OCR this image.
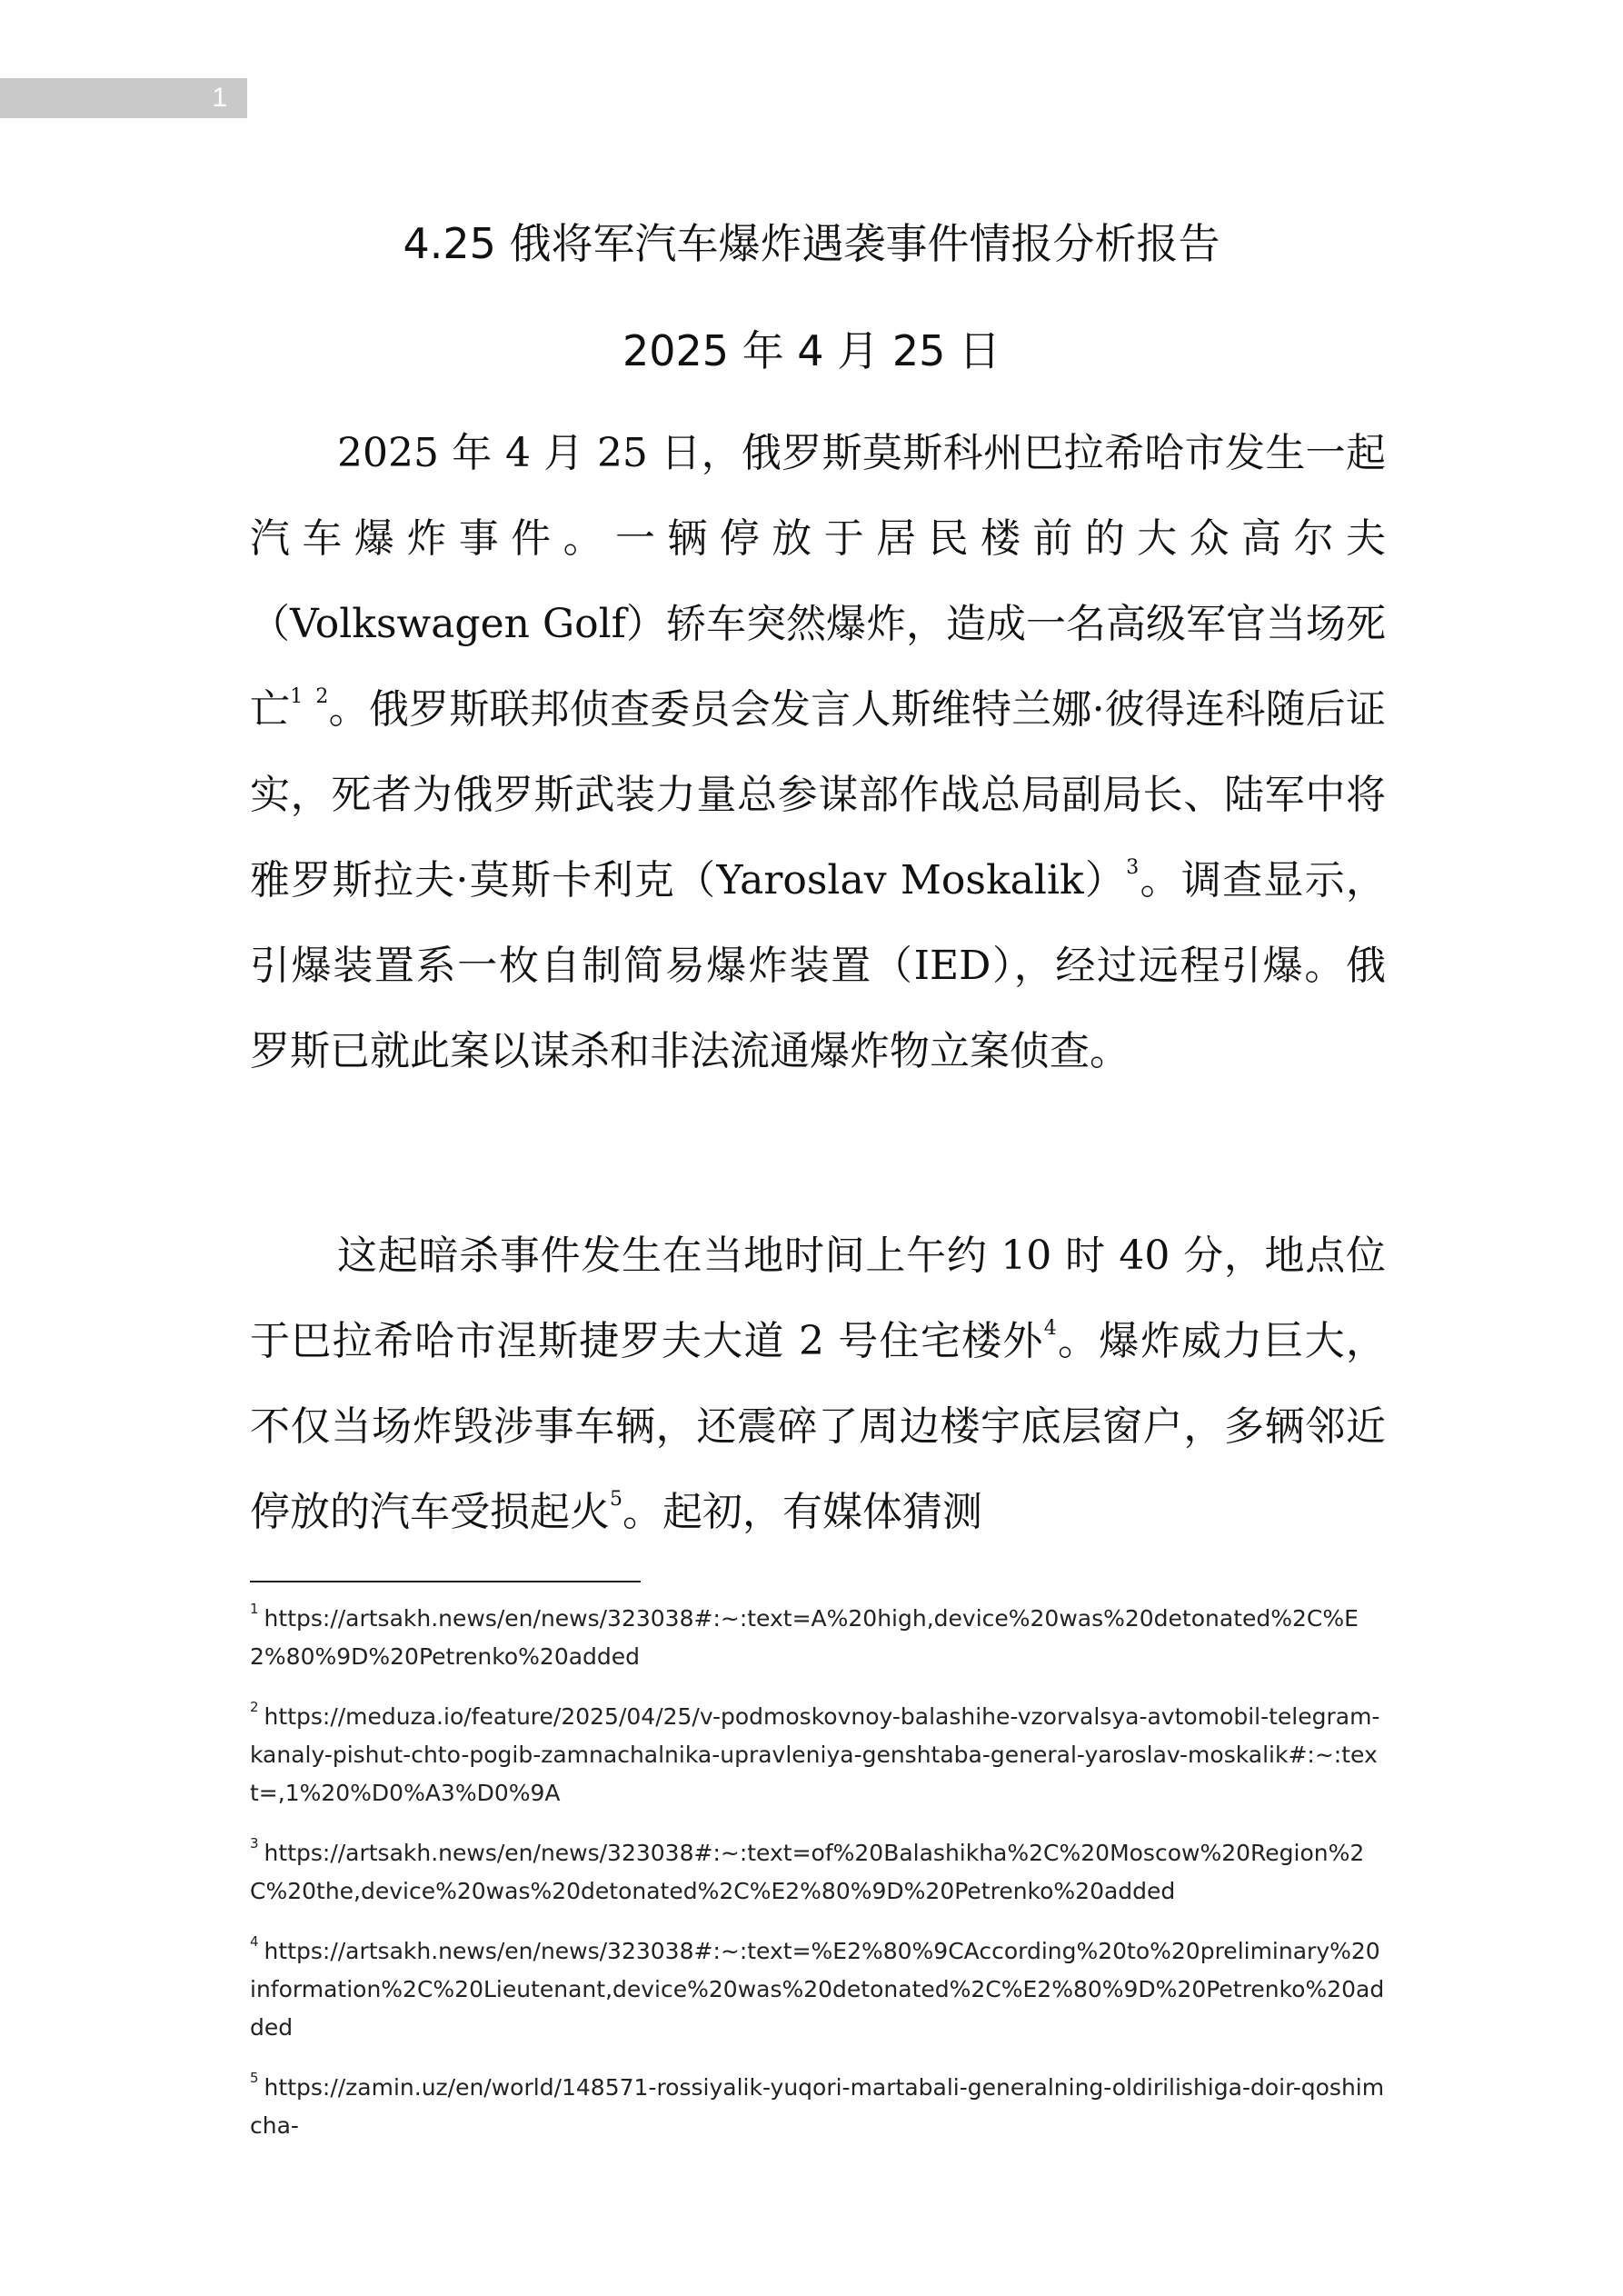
1
4.25 俄将军汽车爆炸遇袭事件情报分析报告
2025 年 4 月 25 日

2025 年 4 月 25 日，俄罗斯莫斯科州巴拉希哈市发生一起汽车爆炸事件。一辆停放于居民楼前的大众高尔夫（Volkswagen Golf）轿车突然爆炸，造成一名高级军官当场死亡$^1$ $^2$。俄罗斯联邦侦查委员会发言人斯维特兰娜·彼得连科随后证实，死者为俄罗斯武装力量总参谋部作战总局副局长、陆军中将雅罗斯拉夫·莫斯卡利克（Yaroslav Moskalik）$^3$。调查显示，引爆装置系一枚自制简易爆炸装置（IED），经过远程引爆。俄罗斯已就此案以谋杀和非法流通爆炸物立案侦查。

这起暗杀事件发生在当地时间上午约 10 时 40 分，地点位于巴拉希哈市涅斯捷罗夫大道 2 号住宅楼外$^4$。爆炸威力巨大，不仅当场炸毁涉事车辆，还震碎了周边楼宇底层窗户，多辆邻近停放的汽车受损起火$^5$。起初，有媒体猜测

$^1$ https://artsakh.news/en/news/323038#:~:text=A%20high,device%20was%20detonated%2C%E2%80%9D%20Petrenko%20added

$^2$ https://meduza.io/feature/2025/04/25/v-podmoskovnoy-balashihe-vzorvalsya-avtomobil-telegram-kanaly-pishut-chto-pogib-zamnachalnika-upravleniya-genshtaba-general-yaroslav-moskalik#:~:text=,1%20%D0%A3%D0%9A

$^3$ https://artsakh.news/en/news/323038#:~:text=of%20Balashikha%2C%20Moscow%20Region%2C%20the,device%20was%20detonated%2C%E2%80%9D%20Petrenko%20added

$^4$ https://artsakh.news/en/news/323038#:~:text=%E2%80%9CAccording%20to%20preliminary%20information%2C%20Lieutenant,device%20was%20detonated%2C%E2%80%9D%20Petrenko%20added

$^5$ https://zamin.uz/en/world/148571-rossiyalik-yuqori-martabali-generalning-oldirilishiga-doir-qoshimcha-
